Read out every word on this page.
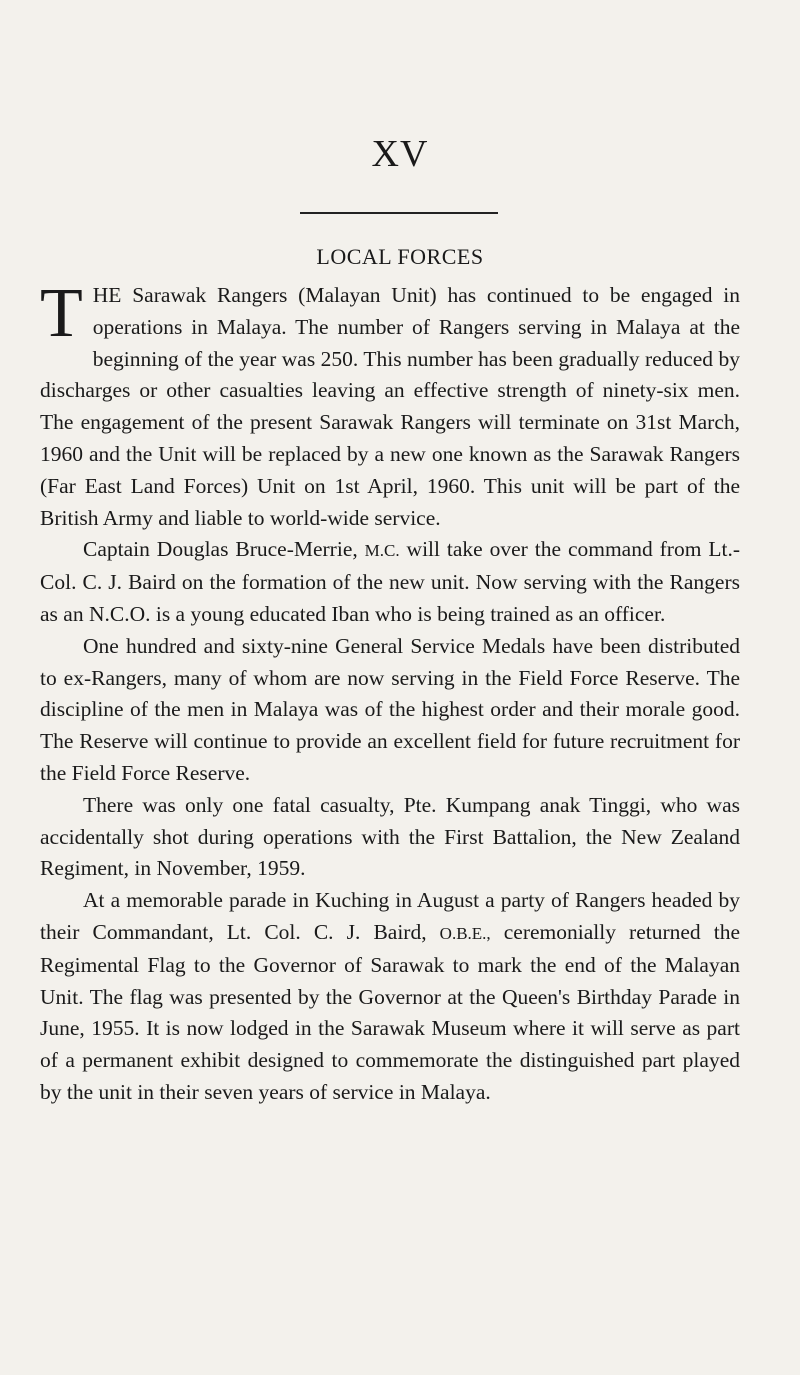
XV
LOCAL FORCES

THE Sarawak Rangers (Malayan Unit) has continued to be engaged in operations in Malaya. The number of Rangers serving in Malaya at the beginning of the year was 250. This number has been gradually reduced by discharges or other casualties leaving an effective strength of ninety-six men. The engagement of the present Sarawak Rangers will terminate on 31st March, 1960 and the Unit will be replaced by a new one known as the Sarawak Rangers (Far East Land Forces) Unit on 1st April, 1960. This unit will be part of the British Army and liable to world-wide service.

Captain Douglas Bruce-Merrie, M.C. will take over the command from Lt.-Col. C. J. Baird on the formation of the new unit. Now serving with the Rangers as an N.C.O. is a young educated Iban who is being trained as an officer.

One hundred and sixty-nine General Service Medals have been distributed to ex-Rangers, many of whom are now serving in the Field Force Reserve. The discipline of the men in Malaya was of the highest order and their morale good. The Reserve will continue to provide an excellent field for future recruitment for the Field Force Reserve.

There was only one fatal casualty, Pte. Kumpang anak Tinggi, who was accidentally shot during operations with the First Battalion, the New Zealand Regiment, in November, 1959.

At a memorable parade in Kuching in August a party of Rangers headed by their Commandant, Lt. Col. C. J. Baird, O.B.E., ceremonially returned the Regimental Flag to the Governor of Sarawak to mark the end of the Malayan Unit. The flag was presented by the Governor at the Queen's Birthday Parade in June, 1955. It is now lodged in the Sarawak Museum where it will serve as part of a permanent exhibit designed to commemorate the distinguished part played by the unit in their seven years of service in Malaya.
